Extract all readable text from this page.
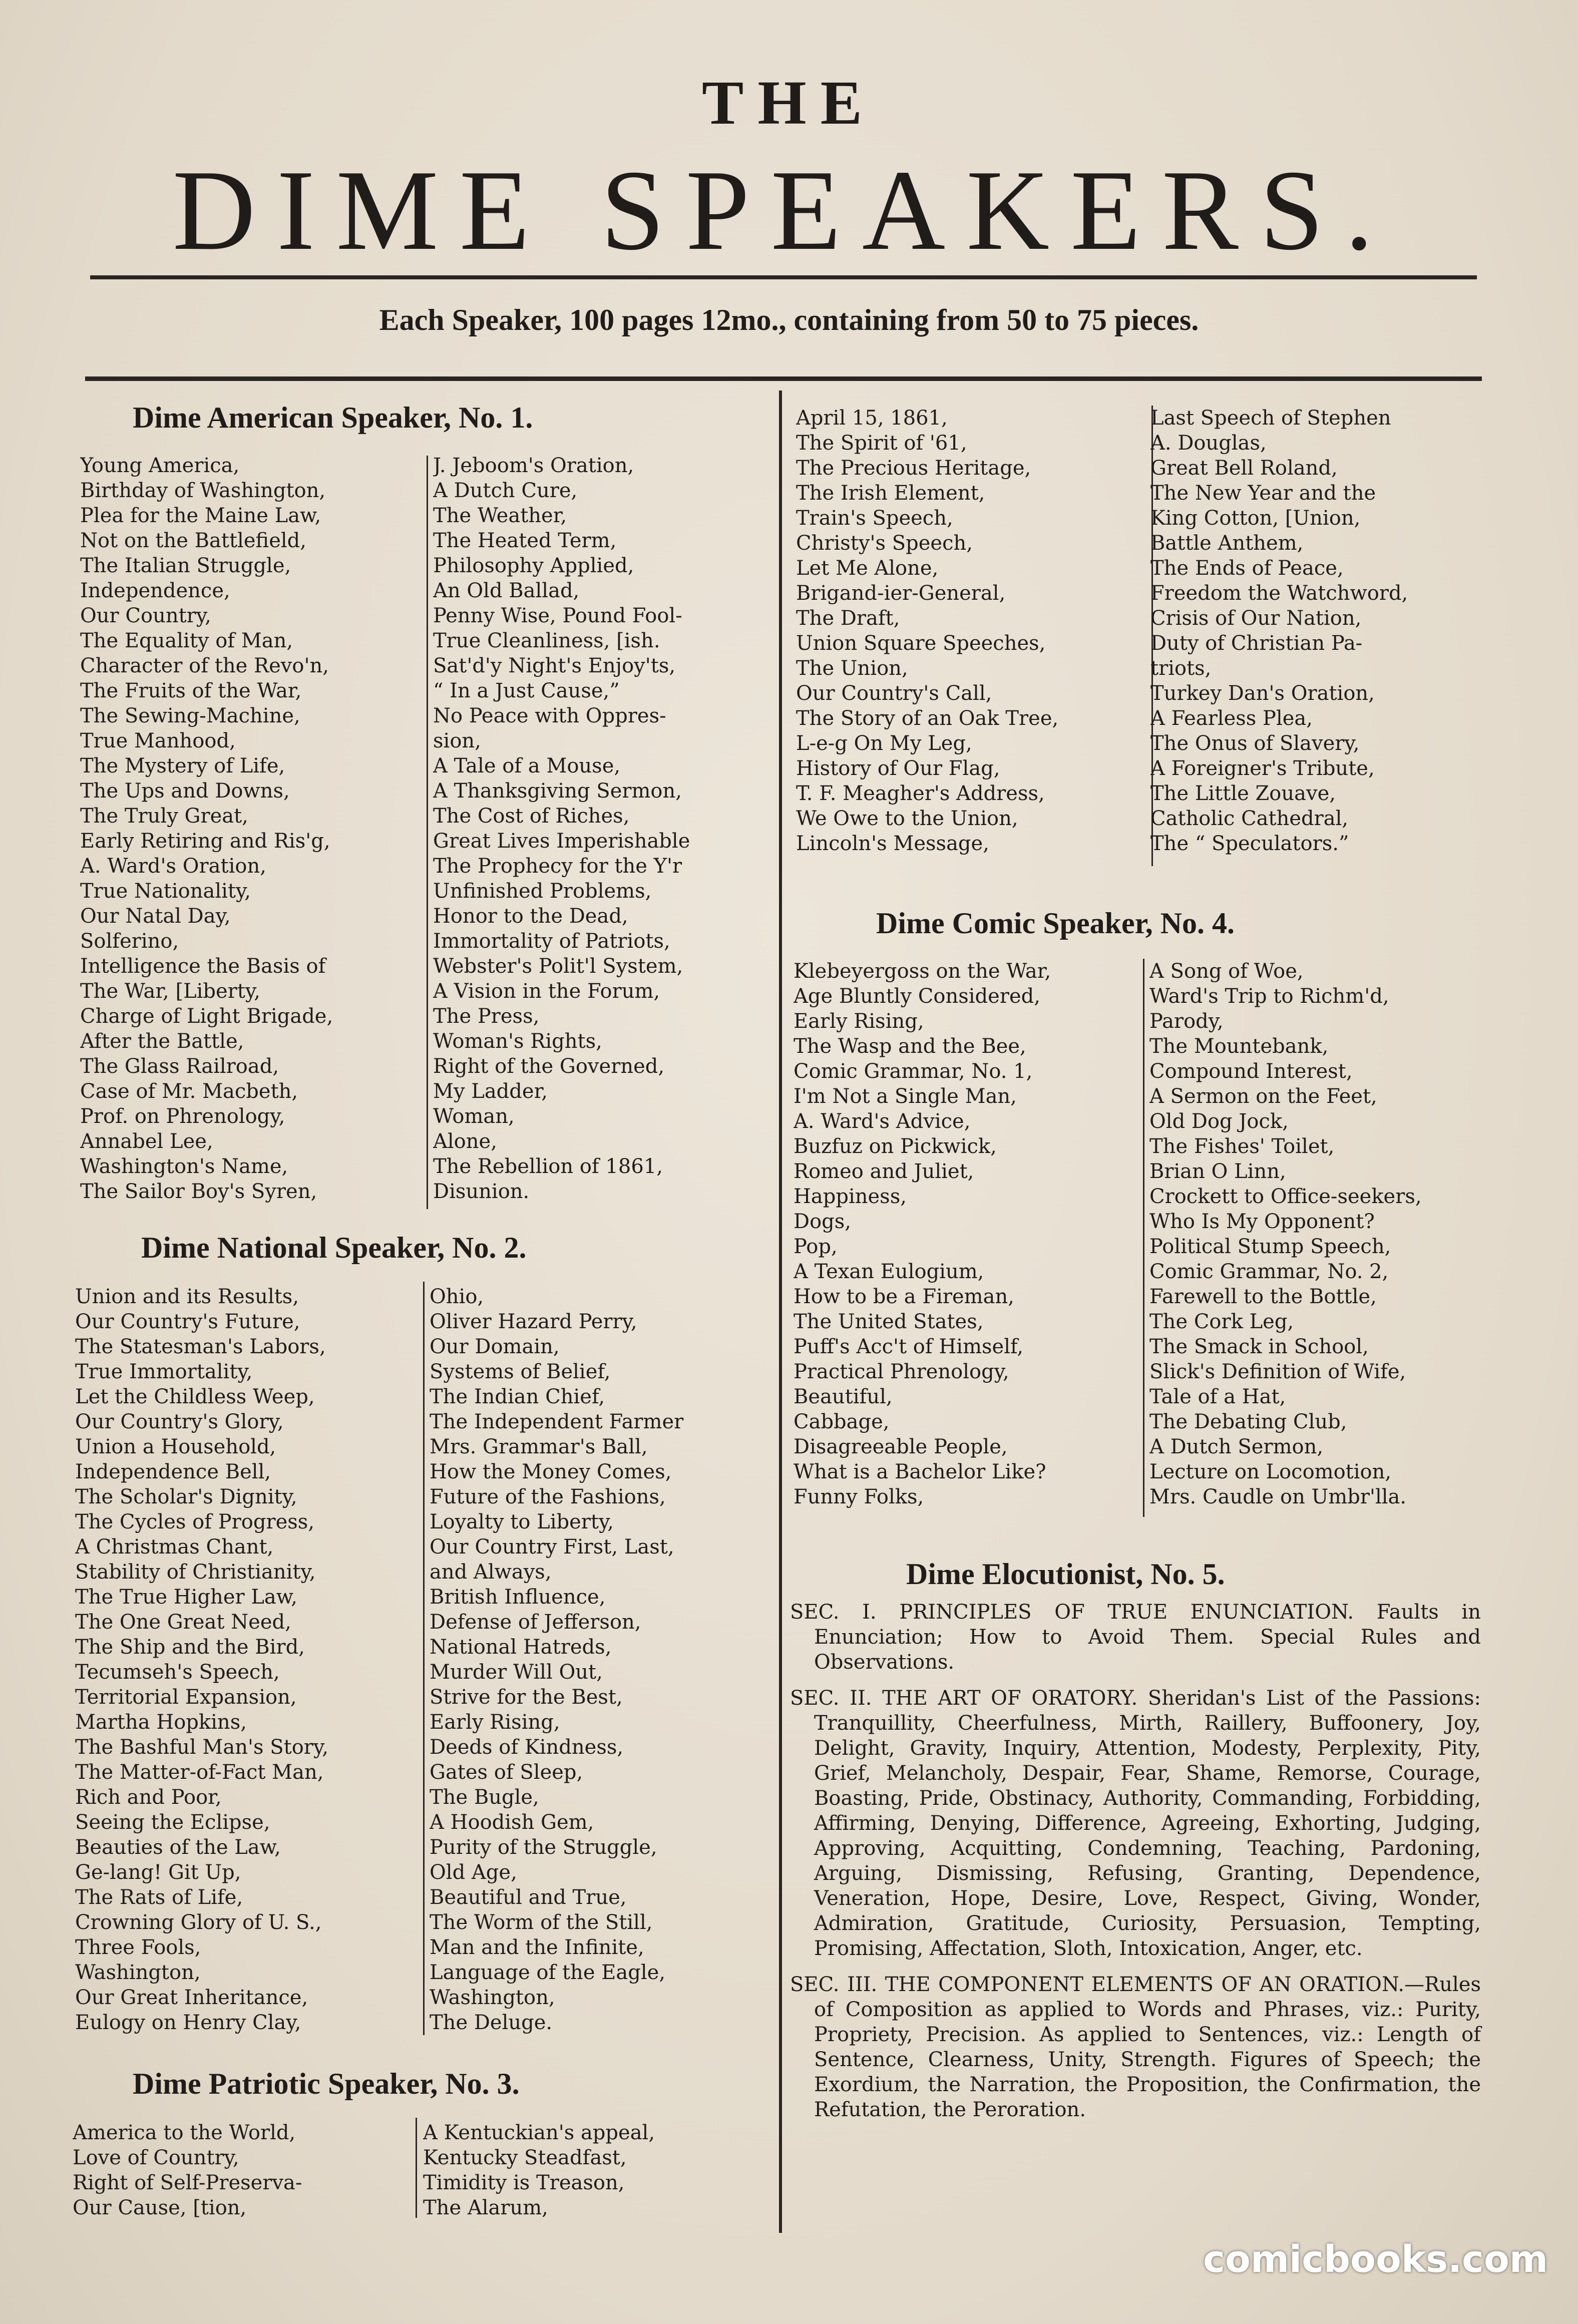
THE
DIME SPEAKERS.
Each Speaker, 100 pages 12mo., containing from 50 to 75 pieces.
Dime American Speaker, No. 1.
Young America,
Birthday of Washington,
Plea for the Maine Law,
Not on the Battlefield,
The Italian Struggle,
Independence,
Our Country,
The Equality of Man,
Character of the Revo'n,
The Fruits of the War,
The Sewing-Machine,
True Manhood,
The Mystery of Life,
The Ups and Downs,
The Truly Great,
Early Retiring and Ris'g,
A. Ward's Oration,
True Nationality,
Our Natal Day,
Solferino,
Intelligence the Basis of
The War, [Liberty,
Charge of Light Brigade,
After the Battle,
The Glass Railroad,
Case of Mr. Macbeth,
Prof. on Phrenology,
Annabel Lee,
Washington's Name,
The Sailor Boy's Syren,
J. Jeboom's Oration,
A Dutch Cure,
The Weather,
The Heated Term,
Philosophy Applied,
An Old Ballad,
Penny Wise, Pound Fool-
True Cleanliness, [ish.
Sat'd'y Night's Enjoy'ts,
“ In a Just Cause,”
No Peace with Oppres-
sion,
A Tale of a Mouse,
A Thanksgiving Sermon,
The Cost of Riches,
Great Lives Imperishable
The Prophecy for the Y'r
Unfinished Problems,
Honor to the Dead,
Immortality of Patriots,
Webster's Polit'l System,
A Vision in the Forum,
The Press,
Woman's Rights,
Right of the Governed,
My Ladder,
Woman,
Alone,
The Rebellion of 1861,
Disunion.
Dime National Speaker, No. 2.
Union and its Results,
Our Country's Future,
The Statesman's Labors,
True Immortality,
Let the Childless Weep,
Our Country's Glory,
Union a Household,
Independence Bell,
The Scholar's Dignity,
The Cycles of Progress,
A Christmas Chant,
Stability of Christianity,
The True Higher Law,
The One Great Need,
The Ship and the Bird,
Tecumseh's Speech,
Territorial Expansion,
Martha Hopkins,
The Bashful Man's Story,
The Matter-of-Fact Man,
Rich and Poor,
Seeing the Eclipse,
Beauties of the Law,
Ge-lang! Git Up,
The Rats of Life,
Crowning Glory of U. S.,
Three Fools,
Washington,
Our Great Inheritance,
Eulogy on Henry Clay,
Ohio,
Oliver Hazard Perry,
Our Domain,
Systems of Belief,
The Indian Chief,
The Independent Farmer
Mrs. Grammar's Ball,
How the Money Comes,
Future of the Fashions,
Loyalty to Liberty,
Our Country First, Last,
and Always,
British Influence,
Defense of Jefferson,
National Hatreds,
Murder Will Out,
Strive for the Best,
Early Rising,
Deeds of Kindness,
Gates of Sleep,
The Bugle,
A Hoodish Gem,
Purity of the Struggle,
Old Age,
Beautiful and True,
The Worm of the Still,
Man and the Infinite,
Language of the Eagle,
Washington,
The Deluge.
Dime Patriotic Speaker, No. 3.
America to the World,
Love of Country,
Right of Self-Preserva-
Our Cause, [tion,
A Kentuckian's appeal,
Kentucky Steadfast,
Timidity is Treason,
The Alarum,
April 15, 1861,
The Spirit of '61,
The Precious Heritage,
The Irish Element,
Train's Speech,
Christy's Speech,
Let Me Alone,
Brigand-ier-General,
The Draft,
Union Square Speeches,
The Union,
Our Country's Call,
The Story of an Oak Tree,
L-e-g On My Leg,
History of Our Flag,
T. F. Meagher's Address,
We Owe to the Union,
Lincoln's Message,
Last Speech of Stephen
A. Douglas,
Great Bell Roland,
The New Year and the
King Cotton, [Union,
Battle Anthem,
The Ends of Peace,
Freedom the Watchword,
Crisis of Our Nation,
Duty of Christian Pa-
triots,
Turkey Dan's Oration,
A Fearless Plea,
The Onus of Slavery,
A Foreigner's Tribute,
The Little Zouave,
Catholic Cathedral,
The “ Speculators.”
Dime Comic Speaker, No. 4.
Klebeyergoss on the War,
Age Bluntly Considered,
Early Rising,
The Wasp and the Bee,
Comic Grammar, No. 1,
I'm Not a Single Man,
A. Ward's Advice,
Buzfuz on Pickwick,
Romeo and Juliet,
Happiness,
Dogs,
Pop,
A Texan Eulogium,
How to be a Fireman,
The United States,
Puff's Acc't of Himself,
Practical Phrenology,
Beautiful,
Cabbage,
Disagreeable People,
What is a Bachelor Like?
Funny Folks,
A Song of Woe,
Ward's Trip to Richm'd,
Parody,
The Mountebank,
Compound Interest,
A Sermon on the Feet,
Old Dog Jock,
The Fishes' Toilet,
Brian O Linn,
Crockett to Office-seekers,
Who Is My Opponent?
Political Stump Speech,
Comic Grammar, No. 2,
Farewell to the Bottle,
The Cork Leg,
The Smack in School,
Slick's Definition of Wife,
Tale of a Hat,
The Debating Club,
A Dutch Sermon,
Lecture on Locomotion,
Mrs. Caudle on Umbr'lla.
Dime Elocutionist, No. 5.
SEC. I. PRINCIPLES OF TRUE ENUNCIATION. Faults in Enunciation; How to Avoid Them. Special Rules and Observations.
SEC. II. THE ART OF ORATORY. Sheridan's List of the Passions: Tranquillity, Cheerfulness, Mirth, Raillery, Buffoonery, Joy, Delight, Gravity, Inquiry, Attention, Modesty, Perplexity, Pity, Grief, Melancholy, Despair, Fear, Shame, Remorse, Courage, Boasting, Pride, Obstinacy, Authority, Commanding, Forbidding, Affirming, Denying, Difference, Agreeing, Exhorting, Judging, Approving, Acquitting, Condemning, Teaching, Pardoning, Arguing, Dismissing, Refusing, Granting, Dependence, Veneration, Hope, Desire, Love, Respect, Giving, Wonder, Admiration, Gratitude, Curiosity, Persuasion, Tempting, Promising, Affectation, Sloth, Intoxication, Anger, etc.
SEC. III. THE COMPONENT ELEMENTS OF AN ORATION.—Rules of Composition as applied to Words and Phrases, viz.: Purity, Propriety, Precision. As applied to Sentences, viz.: Length of Sentence, Clearness, Unity, Strength. Figures of Speech; the Exordium, the Narration, the Proposition, the Confirmation, the Refutation, the Peroration.
comicbooks.com
